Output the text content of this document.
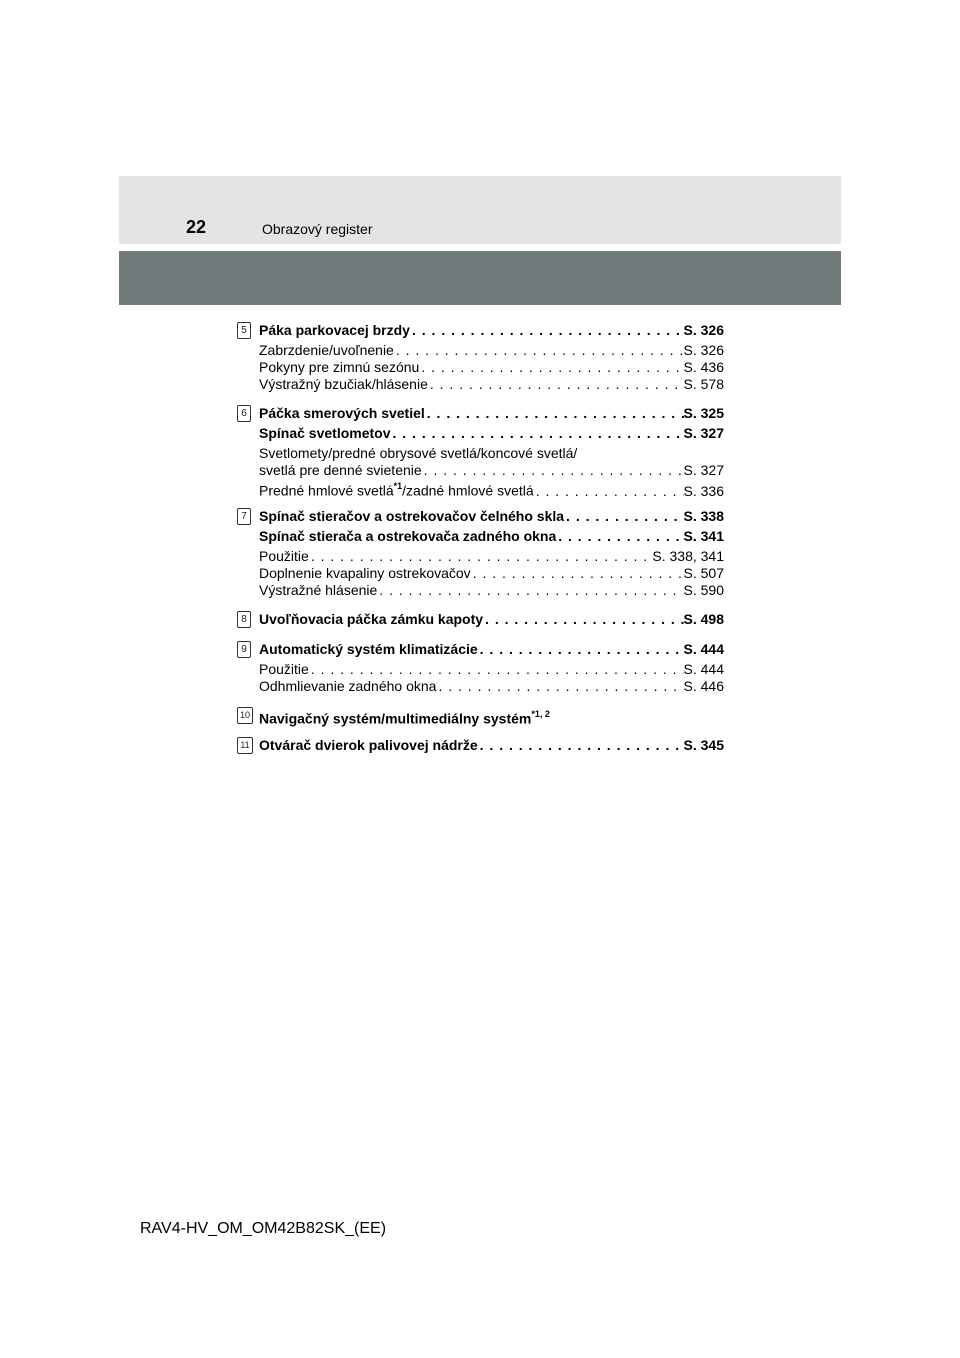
22	Obrazový register
5 Páka parkovacej brzdy . . .	S. 326
Zabrzdenie/uvoľnenie . . .	S. 326
Pokyny pre zimnú sezónu . . .	S. 436
Výstražný bzučiak/hlásenie . . .	S. 578
6 Páčka smerových svetiel . . .	S. 325
Spínač svetlometov . . .	S. 327
Svetlomety/predné obrysové svetlá/koncové svetlá/
svetlá pre denné svietenie . . .	S. 327
Predné hmlové svetlá$^{*1}$/zadné hmlové svetlá . . .	S. 336
7 Spínač stieračov a ostrekovačov čelného skla . . .	S. 338
Spínač stierača a ostrekovača zadného okna . . .	S. 341
Použitie . . .	S. 338, 341
Doplnenie kvapaliny ostrekovačov . . .	S. 507
Výstražné hlásenie . . .	S. 590
8 Uvoľňovacia páčka zámku kapoty . . .	S. 498
9 Automatický systém klimatizácie . . .	S. 444
Použitie . . .	S. 444
Odhmlievanie zadného okna . . .	S. 446
10 Navigačný systém/multimediálny systém$^{*1, 2}$
11 Otvárač dvierok palivovej nádrže . . .	S. 345
RAV4-HV_OM_OM42B82SK_(EE)
